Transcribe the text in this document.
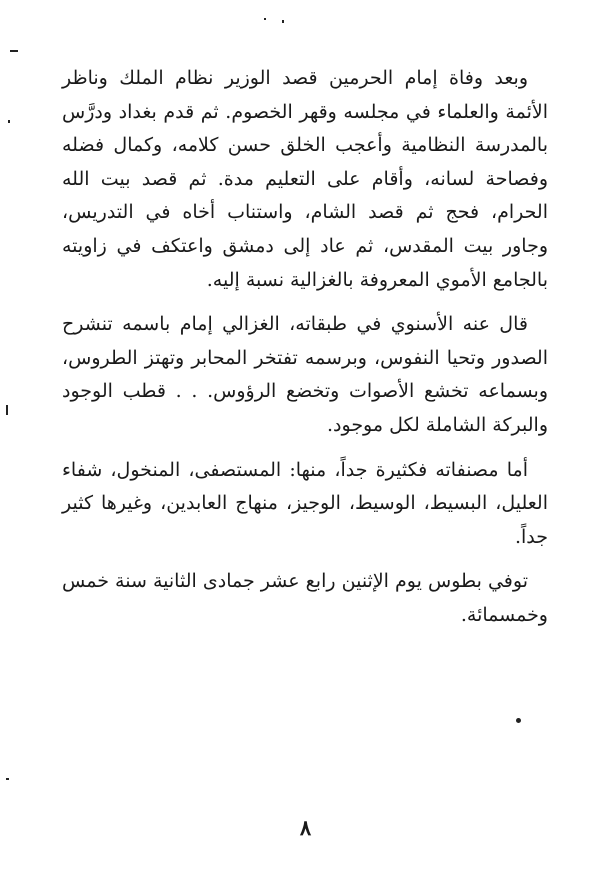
وبعد وفاة إمام الحرمين قصد الوزير نظام الملك وناظر الأئمة والعلماء في مجلسه وقهر الخصوم. ثم قدم بغداد ودرَّس بالمدرسة النظامية وأعجب الخلق حسن كلامه، وكمال فضله وفصاحة لسانه، وأقام على التعليم مدة. ثم قصد بيت الله الحرام، فحج ثم قصد الشام، واستناب أخاه في التدريس، وجاور بيت المقدس، ثم عاد إلى دمشق واعتكف في زاويته بالجامع الأموي المعروفة بالغزالية نسبة إليه.

قال عنه الأسنوي في طبقاته، الغزالي إمام باسمه تنشرح الصدور وتحيا النفوس، وبرسمه تفتخر المحابر وتهتز الطروس، وبسماعه تخشع الأصوات وتخضع الرؤوس. . . قطب الوجود والبركة الشاملة لكل موجود.

أما مصنفاته فكثيرة جداً، منها: المستصفى، المنخول، شفاء العليل، البسيط، الوسيط، الوجيز، منهاج العابدين، وغيرها كثير جداً.

توفي بطوس يوم الإثنين رابع عشر جمادى الثانية سنة خمس وخمسمائة.

٨
